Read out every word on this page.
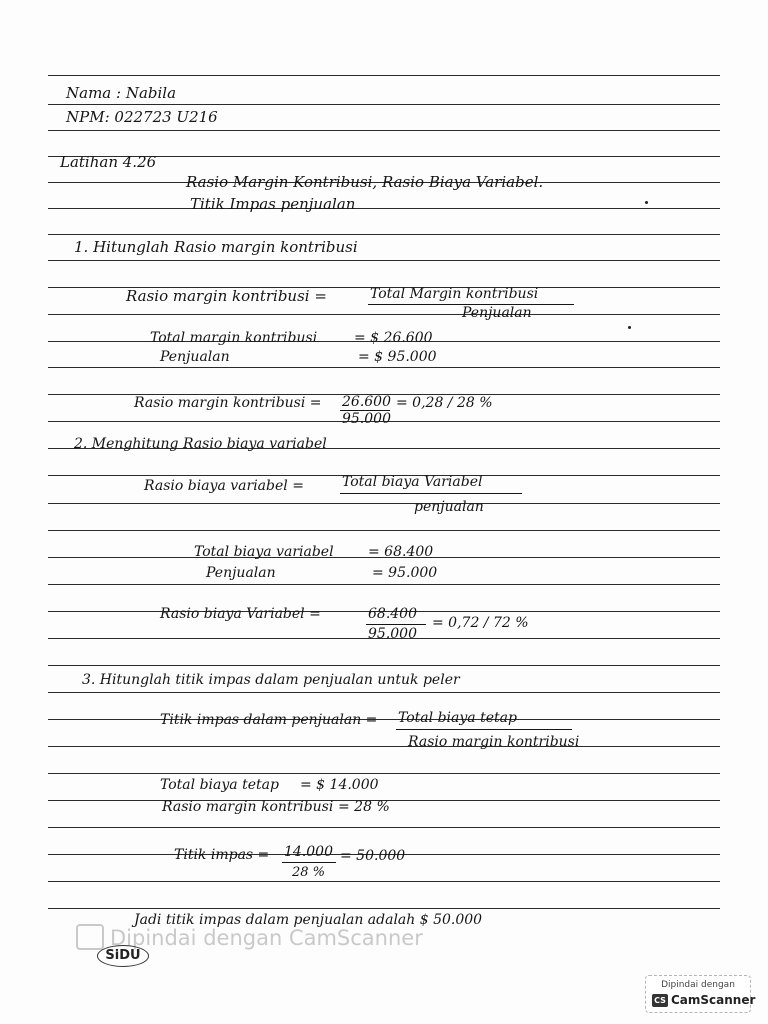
Nama : Nabila
NPM: 022723 U216
Latihan 4.26
Rasio Margin Kontribusi, Rasio Biaya Variabel.
Titik Impas penjualan
1. Hitunglah Rasio margin kontribusi
Rasio margin kontribusi =	Total Margin kontribusi
Penjualan
Total margin kontribusi	= $ 26.600
Penjualan	= $ 95.000
Rasio margin kontribusi = 26.600
95.000
= 0,28 / 28 %
2. Menghitung Rasio biaya variabel
Rasio biaya variabel =	Total biaya Variabel
penjualan
Total biaya variabel = 68.400
Penjualan	= 95.000
Rasio biaya Variabel =	68.400
95.000
= 0,72 / 72 %
3. Hitunglah titik impas dalam penjualan untuk peler
Titik impas dalam penjualan = Total biaya tetap
Rasio margin kontribusi
Total biaya tetap = $ 14.000
Rasio margin kontribusi = 28 %
Titik impas = 14.000
28 %
= 50.000
Jadi titik impas dalam penjualan adalah $ 50.000
Dipindai dengan CamScanner
SiDU
Dipindai dengan
CS CamScanner
